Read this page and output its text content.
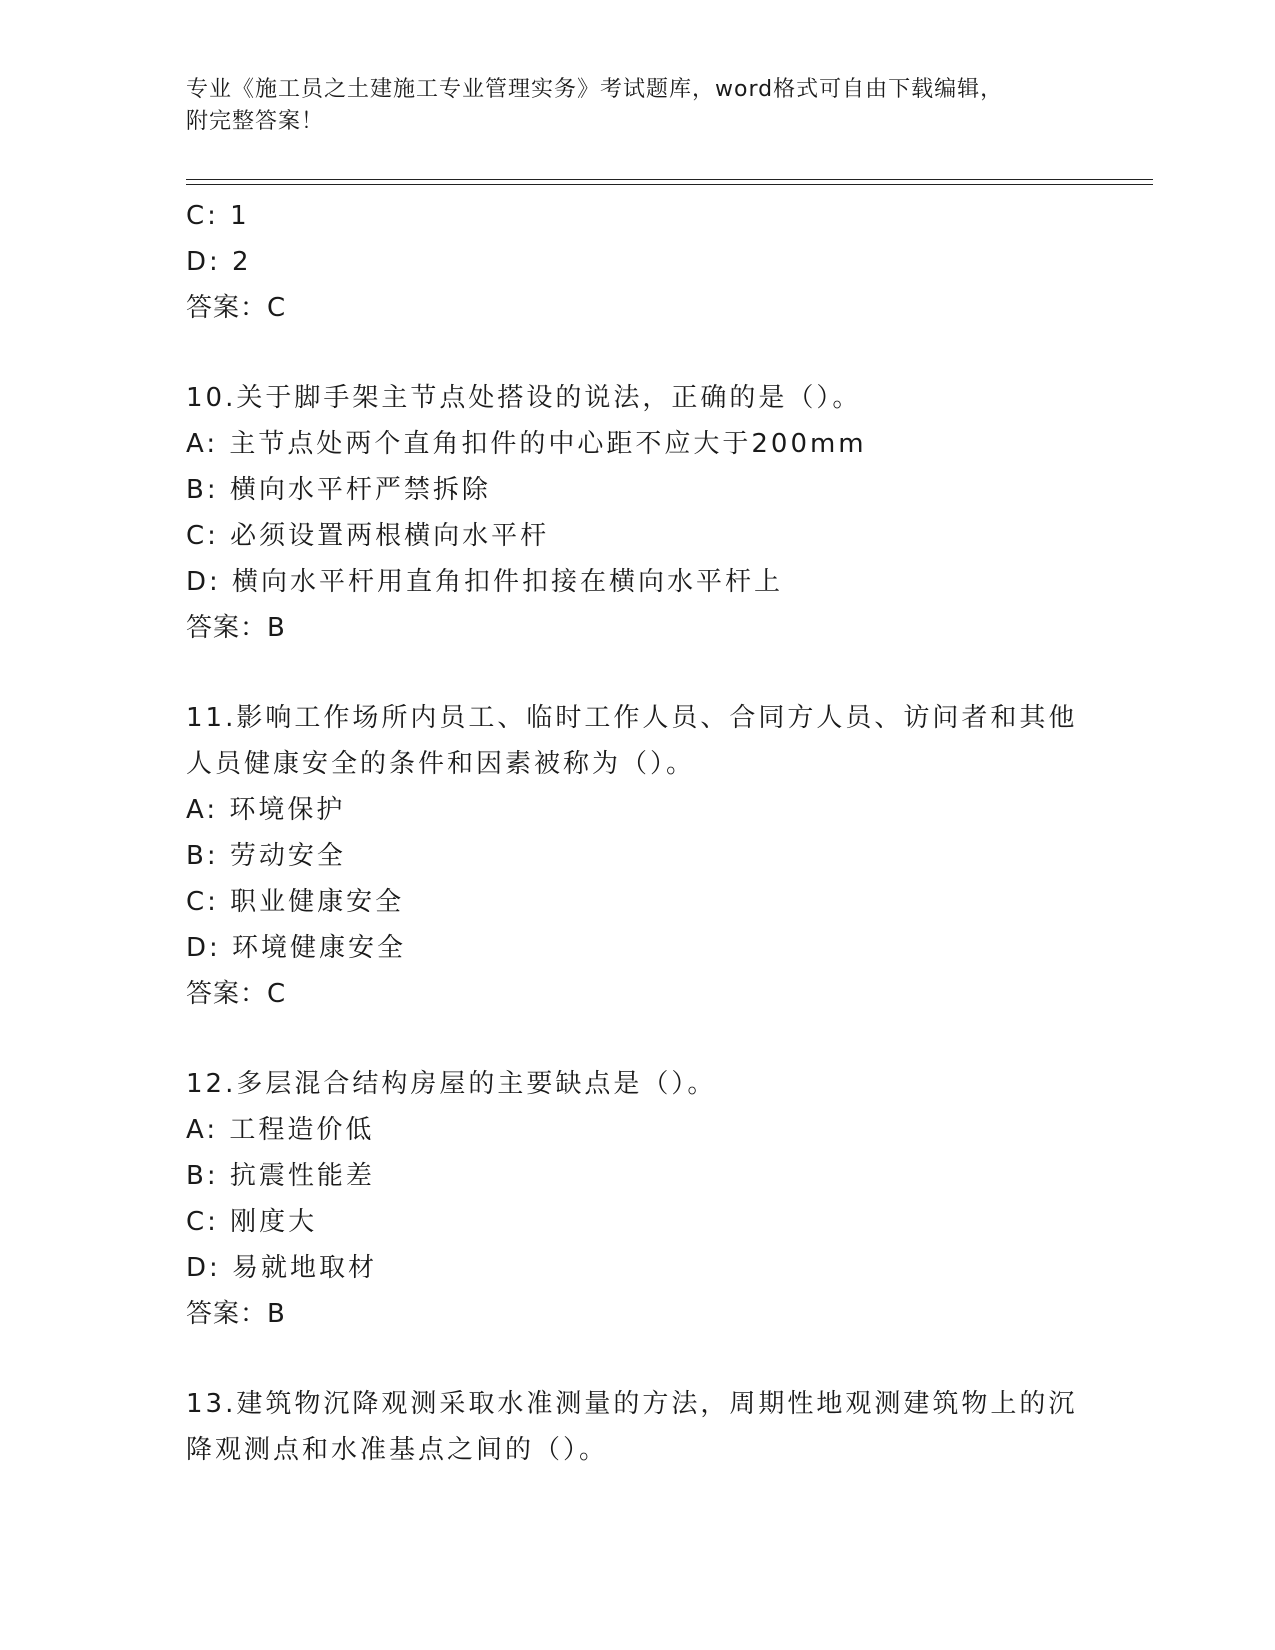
专业《施工员之土建施工专业管理实务》考试题库，word格式可自由下载编辑，
附完整答案！
C: 1
D: 2
答案：C
10.关于脚手架主节点处搭设的说法，正确的是（）。
A: 主节点处两个直角扣件的中心距不应大于200mm
B: 横向水平杆严禁拆除
C: 必须设置两根横向水平杆
D: 横向水平杆用直角扣件扣接在横向水平杆上
答案：B
11.影响工作场所内员工、临时工作人员、合同方人员、访问者和其他
人员健康安全的条件和因素被称为（）。
A: 环境保护
B: 劳动安全
C: 职业健康安全
D: 环境健康安全
答案：C
12.多层混合结构房屋的主要缺点是（）。
A: 工程造价低
B: 抗震性能差
C: 刚度大
D: 易就地取材
答案：B
13.建筑物沉降观测采取水准测量的方法，周期性地观测建筑物上的沉
降观测点和水准基点之间的（）。
